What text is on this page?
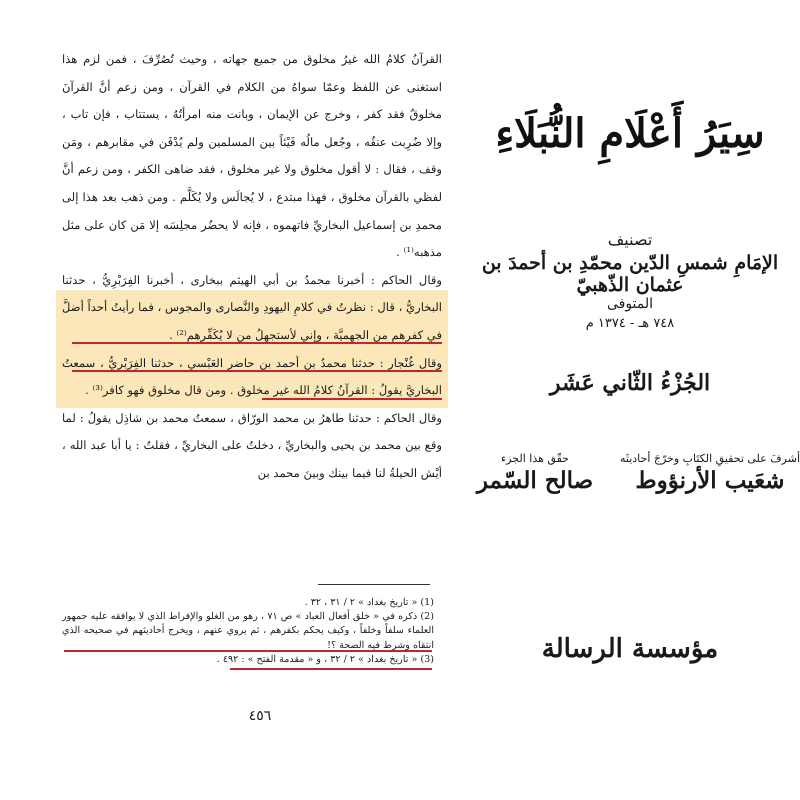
القرآنُ كلامُ الله غيرُ مخلوق من جميع جهاته ، وحيث تُصُرِّفَ ، فمن لزم هذا استغنى عن اللفظ وعمّا سواهُ من الكلام في القرآن ، ومن زعم أنَّ القرآنَ مخلوقٌ فقد كفر ، وخرج عن الإيمان ، وبانت منه امرأتُهُ ، يستتاب ، فإن تاب ، وإلا ضُرِبت عنقُه ، وجُعل مالُه فَيْئاً بين المسلمين ولم يُدْفَن في مقابرهم ، ومَن وقف ، فقال : لا أقول مخلوق ولا غير مخلوق ، فقد ضاهى الكفر ، ومن زعم أنَّ لفظي بالقرآن مخلوق ، فهذا مبتدع ، لا يُجالَس ولا يُكَلَّم . ومن ذهب بعد هذا إلى محمدِ بن إسماعيل البخاريِّ فاتهموه ، فإنه لا يحضُر مجلِسَه إلا مَن كان على مثل مذهبه⁽¹⁾ .

وقال الحاكم : أخبرنا محمدُ بن أبي الهيثم ببخارى ، أخبرنا الفِرَبْرِيُّ ، حدثنا البخاريُّ ، قال : نظرتُ في كلامِ اليهودِ والنَّصارى والمجوس ، فما رأيتُ أحداً أضلَّ في كفرهم من الجهميَّة ، وإني لأستجهلُ من لا يُكَفِّرهم⁽²⁾ .

وقال غُنْجار : حدثنا محمدُ بن أحمد بن حاضر العَبْسي ، حدثنا الفِرَبْرِيُّ ، سمعتُ البخاريَّ يقولُ : القرآنُ كلامُ الله غير مخلوق . ومن قال مخلوق فهو كافر⁽³⁾ .

وقال الحاكم : حدثنا طاهرُ بن محمد الورّاق ، سمعتُ محمد بن شاذِل يقولُ : لما وقع بين محمد بن يحيى والبخاريِّ ، دخلتُ على البخاريِّ ، فقلتُ : يا أبا عبد الله ، أيْش الحيلةُ لنا فيما بينك وبينَ محمد بن

(1) « تاريخ بغداد » ٢ / ٣١ ، ٣٢ .

(2) ذكره في « خلق أفعال العباد » ص ٧١ ، رهو من الغلو والإفراط الذي لا يوافقه عليه جمهور العلماء سلفاً وخلفاً ، وكيف يحكم بكفرهم ، ثم يروي عنهم ، ويخرج أحاديثهم في صحيحه الذي انتقاه وشرط فيه الصحة ؟!

(3) « تاريخ بغداد » ٢ / ٣٢ ، و « مقدمة الفتح » : ٤٩٢ .

٤٥٦
سِيَرُ أَعْلَامِ النُّبَلَاءِ
تصنيف
الإمَامِ شمسِ الدّين محمّدِ بن أحمدَ بن عثمان الذّهبيّ
المتوفى
٧٤٨ هـ - ١٣٧٤ م
الجُزْءُ الثّاني عَشَر
أشرفَ على تحقيقِ الكتَابِ وخرّجَ أحاديثَه
شعَيب الأرنؤوط
حقّق هذا الجزء
صالح السّمر
مؤسسة الرسالة
